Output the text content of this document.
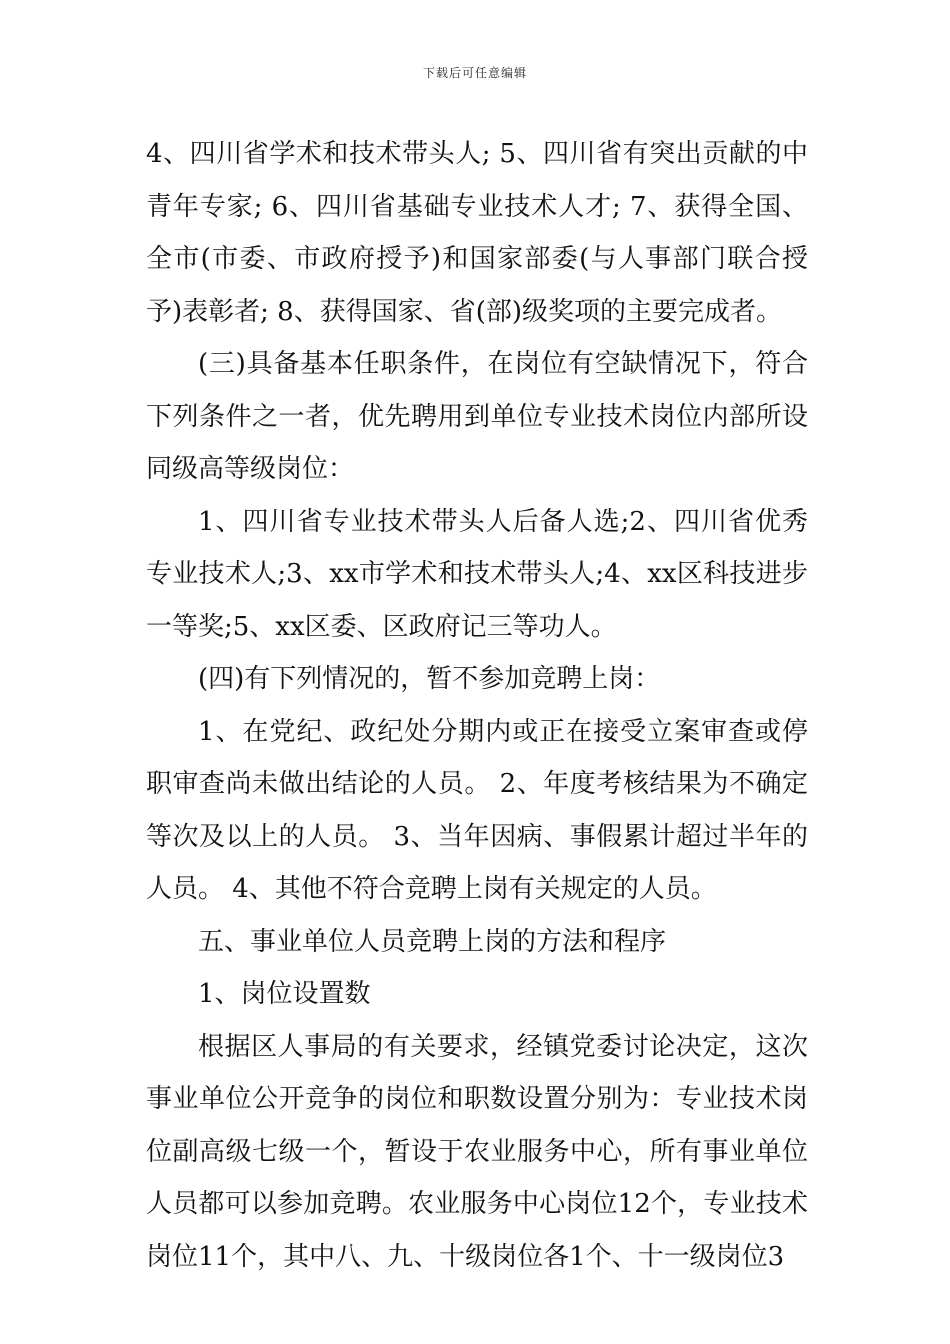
下载后可任意编辑

4、四川省学术和技术带头人; 5、四川省有突出贡献的中青年专家; 6、四川省基础专业技术人才; 7、获得全国、全市(市委、市政府授予)和国家部委(与人事部门联合授予)表彰者; 8、获得国家、省(部)级奖项的主要完成者。

(三)具备基本任职条件，在岗位有空缺情况下，符合下列条件之一者，优先聘用到单位专业技术岗位内部所设同级高等级岗位：

1、四川省专业技术带头人后备人选;2、四川省优秀专业技术人;3、xx市学术和技术带头人;4、xx区科技进步一等奖;5、xx区委、区政府记三等功人。

(四)有下列情况的，暂不参加竞聘上岗：

1、在党纪、政纪处分期内或正在接受立案审查或停职审查尚未做出结论的人员。 2、年度考核结果为不确定等次及以上的人员。 3、当年因病、事假累计超过半年的人员。 4、其他不符合竞聘上岗有关规定的人员。

五、事业单位人员竞聘上岗的方法和程序

1、岗位设置数

根据区人事局的有关要求，经镇党委讨论决定，这次事业单位公开竞争的岗位和职数设置分别为：专业技术岗位副高级七级一个，暂设于农业服务中心，所有事业单位人员都可以参加竞聘。农业服务中心岗位12个，专业技术岗位11个，其中八、九、十级岗位各1个、十一级岗位3
